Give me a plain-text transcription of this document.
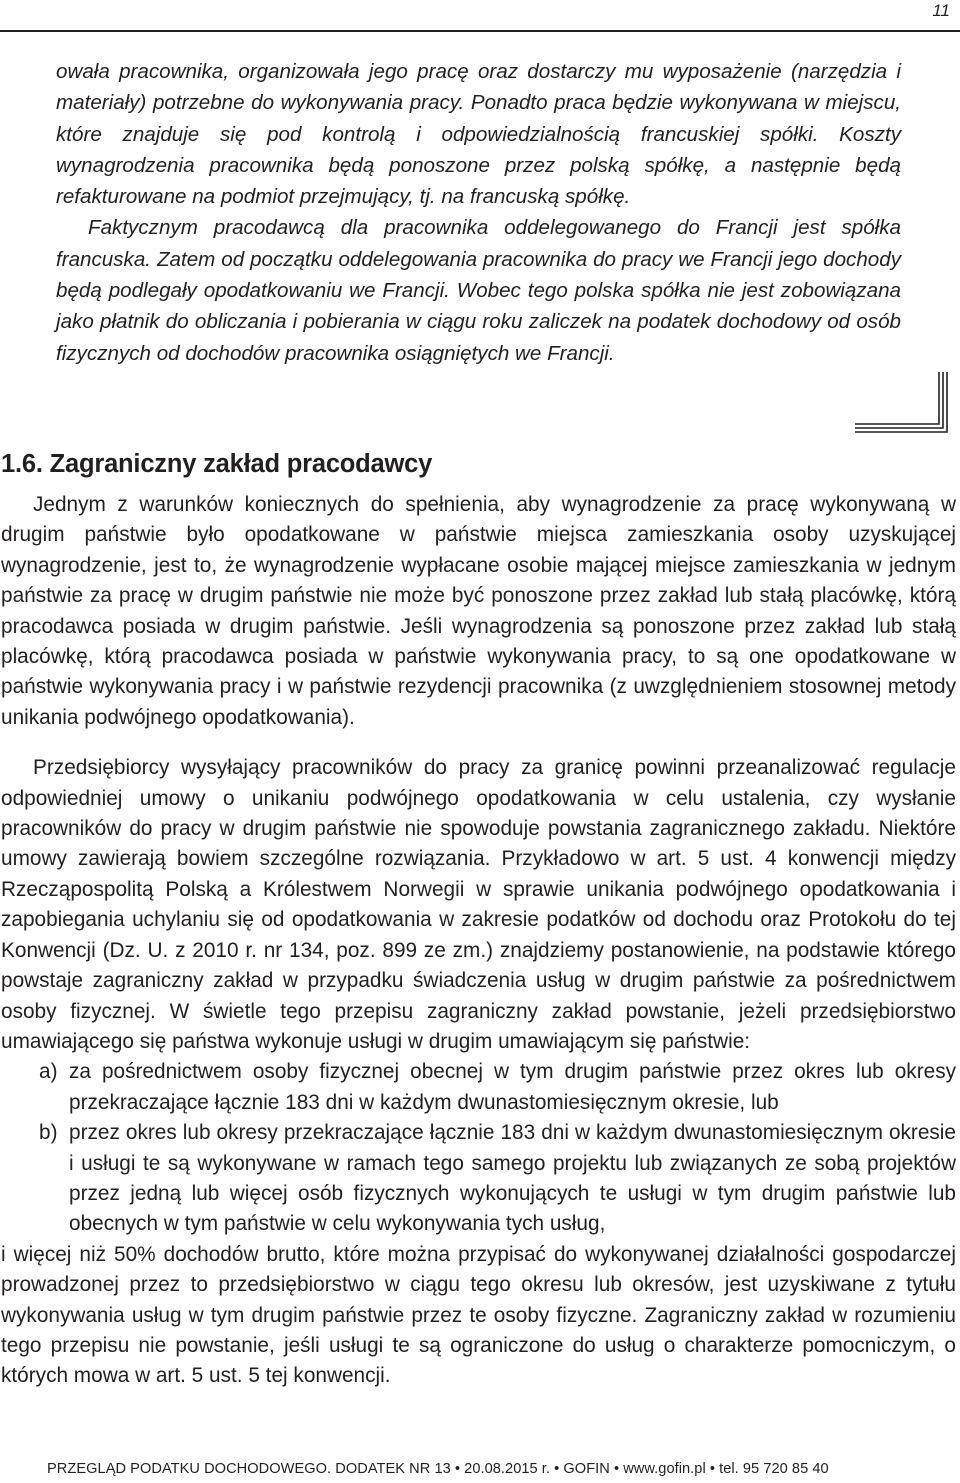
11

owała pracownika, organizowała jego pracę oraz dostarczy mu wyposażenie (narzędzia i materiały) potrzebne do wykonywania pracy. Ponadto praca będzie wykonywana w miejscu, które znajduje się pod kontrolą i odpowiedzialnością francuskiej spółki. Koszty wynagrodzenia pracownika będą ponoszone przez polską spółkę, a następnie będą refakturowane na podmiot przejmujący, tj. na francuską spółkę.

Faktycznym pracodawcą dla pracownika oddelegowanego do Francji jest spółka francuska. Zatem od początku oddelegowania pracownika do pracy we Francji jego dochody będą podlegały opodatkowaniu we Francji. Wobec tego polska spółka nie jest zobowiązana jako płatnik do obliczania i pobierania w ciągu roku zaliczek na podatek dochodowy od osób fizycznych od dochodów pracownika osiągniętych we Francji.

1.6. Zagraniczny zakład pracodawcy

Jednym z warunków koniecznych do spełnienia, aby wynagrodzenie za pracę wykonywaną w drugim państwie było opodatkowane w państwie miejsca zamieszkania osoby uzyskującej wynagrodzenie, jest to, że wynagrodzenie wypłacane osobie mającej miejsce zamieszkania w jednym państwie za pracę w drugim państwie nie może być ponoszone przez zakład lub stałą placówkę, którą pracodawca posiada w drugim państwie. Jeśli wynagrodzenia są ponoszone przez zakład lub stałą placówkę, którą pracodawca posiada w państwie wykonywania pracy, to są one opodatkowane w państwie wykonywania pracy i w państwie rezydencji pracownika (z uwzględnieniem stosownej metody unikania podwójnego opodatkowania).

Przedsiębiorcy wysyłający pracowników do pracy za granicę powinni przeanalizować regulacje odpowiedniej umowy o unikaniu podwójnego opodatkowania w celu ustalenia, czy wysłanie pracowników do pracy w drugim państwie nie spowoduje powstania zagranicznego zakładu. Niektóre umowy zawierają bowiem szczególne rozwiązania. Przykładowo w art. 5 ust. 4 konwencji między Rzecząpospolitą Polską a Królestwem Norwegii w sprawie unikania podwójnego opodatkowania i zapobiegania uchylaniu się od opodatkowania w zakresie podatków od dochodu oraz Protokołu do tej Konwencji (Dz. U. z 2010 r. nr 134, poz. 899 ze zm.) znajdziemy postanowienie, na podstawie którego powstaje zagraniczny zakład w przypadku świadczenia usług w drugim państwie za pośrednictwem osoby fizycznej. W świetle tego przepisu zagraniczny zakład powstanie, jeżeli przedsiębiorstwo umawiającego się państwa wykonuje usługi w drugim umawiającym się państwie:

a) za pośrednictwem osoby fizycznej obecnej w tym drugim państwie przez okres lub okresy przekraczające łącznie 183 dni w każdym dwunastomiesięcznym okresie, lub
b) przez okres lub okresy przekraczające łącznie 183 dni w każdym dwunastomiesięcznym okresie i usługi te są wykonywane w ramach tego samego projektu lub związanych ze sobą projektów przez jedną lub więcej osób fizycznych wykonujących te usługi w tym drugim państwie lub obecnych w tym państwie w celu wykonywania tych usług,

i więcej niż 50% dochodów brutto, które można przypisać do wykonywanej działalności gospodarczej prowadzonej przez to przedsiębiorstwo w ciągu tego okresu lub okresów, jest uzyskiwane z tytułu wykonywania usług w tym drugim państwie przez te osoby fizyczne. Zagraniczny zakład w rozumieniu tego przepisu nie powstanie, jeśli usługi te są ograniczone do usług o charakterze pomocniczym, o których mowa w art. 5 ust. 5 tej konwencji.

PRZEGLĄD PODATKU DOCHODOWEGO. DODATEK NR 13 • 20.08.2015 r. • GOFIN • www.gofin.pl • tel. 95 720 85 40
